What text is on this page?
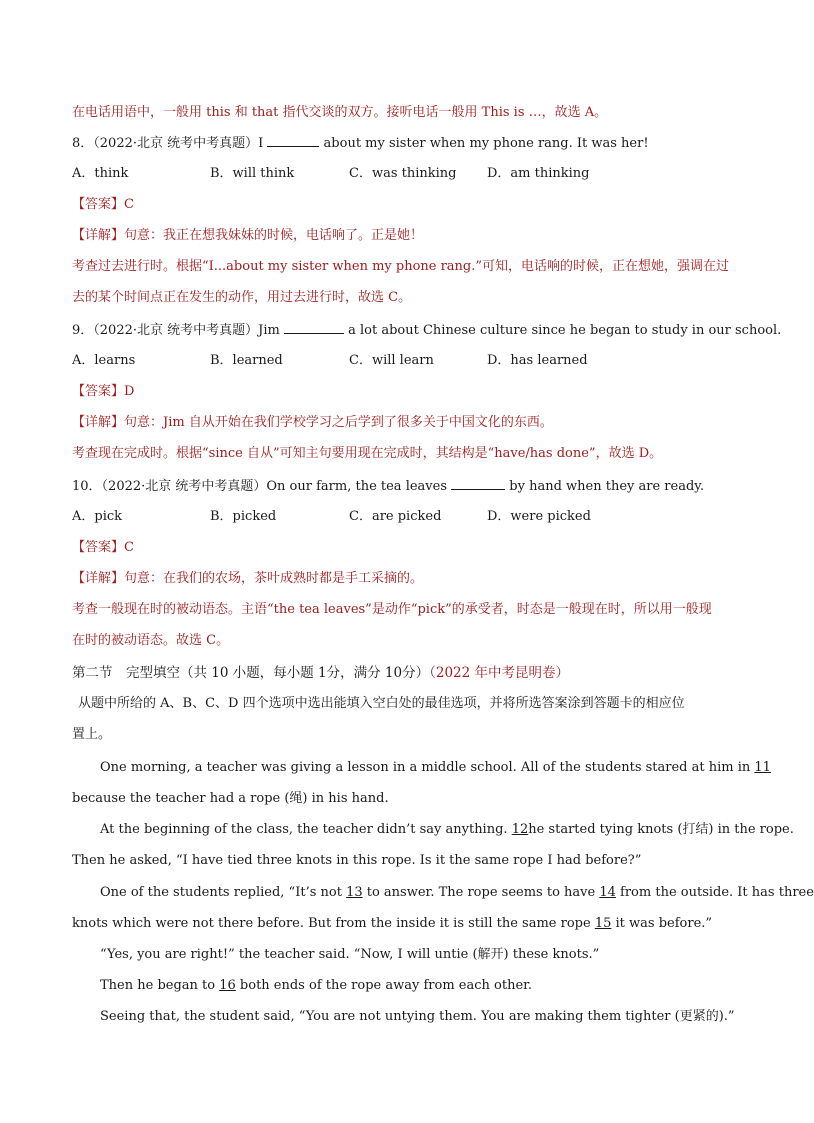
在电话用语中，一般用 this 和 that 指代交谈的双方。接听电话一般用 This is …，故选 A。
8．（2022·北京 统考中考真题）I	about my sister when my phone rang. It was her!
A．think	B．will think	C．was thinking D．am thinking
【答案】C
【详解】句意：我正在想我妹妹的时候，电话响了。正是她！
考查过去进行时。根据“I...about my sister when my phone rang.”可知，电话响的时候，正在想她，强调在过
去的某个时间点正在发生的动作，用过去进行时，故选 C。
9．（2022·北京 统考中考真题）Jim	a lot about Chinese culture since he began to study in our school.
A．learns	B．learned	C．will learn	D．has learned
【答案】D
【详解】句意：Jim 自从开始在我们学校学习之后学到了很多关于中国文化的东西。
考查现在完成时。根据“since 自从”可知主句要用现在完成时，其结构是“have/has done”，故选 D。
10．（2022·北京 统考中考真题）On our farm, the tea leaves	by hand when they are ready.
A．pick	B．picked	C．are picked	D．were picked
【答案】C
【详解】句意：在我们的农场，茶叶成熟时都是手工采摘的。
考查一般现在时的被动语态。主语“the tea leaves”是动作“pick”的承受者，时态是一般现在时，所以用一般现
在时的被动语态。故选 C。
第二节　完型填空（共 10 小题，每小题 1分，满分 10分）（2022 年中考昆明卷）
从题中所给的 A、B、C、D 四个选项中选出能填入空白处的最佳选项，并将所选答案涂到答题卡的相应位
置上。
One morning, a teacher was giving a lesson in a middle school. All of the students stared at him in 11
because the teacher had a rope (绳) in his hand.
At the beginning of the class, the teacher didn’t say anything. 12he started tying knots (打结) in the rope.
Then he asked, “I have tied three knots in this rope. Is it the same rope I had before?”
One of the students replied, “It’s not 13 to answer. The rope seems to have 14 from the outside. It has three
knots which were not there before. But from the inside it is still the same rope 15 it was before.”
“Yes, you are right!” the teacher said. “Now, I will untie (解开) these knots.”
Then he began to 16 both ends of the rope away from each other.
Seeing that, the student said, “You are not untying them. You are making them tighter (更紧的).”
